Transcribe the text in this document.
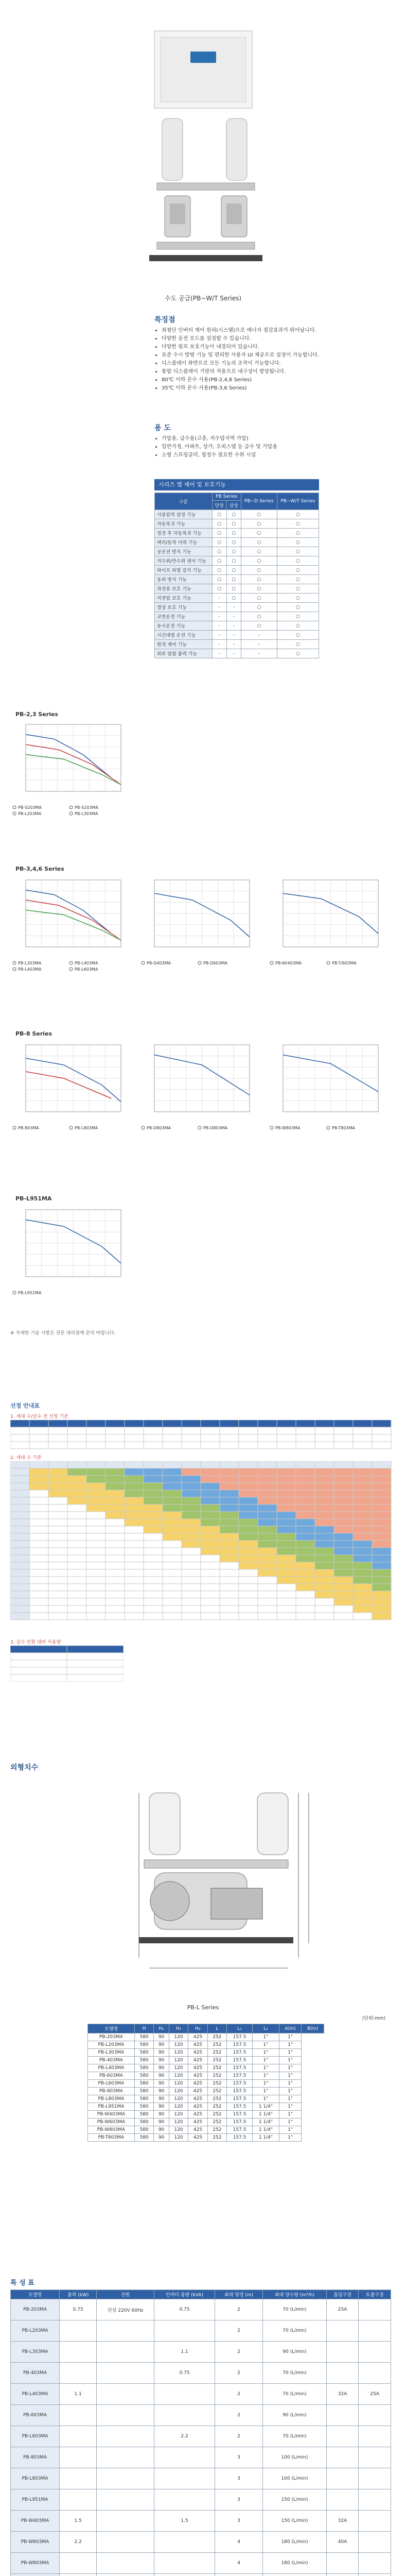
수도 공급(PB~W/T Series)
특징점
• 최첨단 인버터 제어 원리(시스템)으로 에너지 절감효과가 뛰어납니다.
• 다양한 운전 모드를 설정할 수 있습니다.
• 다양한 펌프 보호기능이 내장되어 있습니다.
• 표준 수시 방범 기능 및 편리한 사용자 UI 제공으로 설정이 가능합니다.
• 디스플레이 화면으로 모든 기능의 조작이 가능합니다.
• 통합 디스플레이 기판의 적용으로 내구성이 향상됩니다.
• 80℃ 이하 온수 사용(PB-2,4,8 Series)
• 35℃ 이하 온수 사용(PB-3,6 Series)
용 도
• 가압용, 급수용(고층, 저수압지역 가압)
• 일반가정, 아파트, 상가, 오피스텔 등 급수 및 가압용
• 소형 스프링클러, 청정수 필요한 수위 시설
시리즈 별 제어 및 보호기능
구분	PB Series		PB~D Series	PB~W/T Series
	단상	삼상		
사용압력 설정 기능	○	○	○	○
자동복귀 기능	○	○	○	○
정전 후 자동복귀 기능	○	○	○	○
에러/동작 이력 기능	○	○	○	○
공운전 방지 기능	○	○	○	○
저수위/만수위 센서 기능	○	○	○	○
파이프 파열 감지 기능	○	○	○	○
동파 방지 기능	○	○	○	○
과전류 보호 기능	○	○	○	○
저전압 보호 기능	-	○	○	○
결상 보호 기능	-	-	○	○
교번운전 기능	-	-	○	○
동시운전 기능	-	-	○	○
시간대별 운전 기능	-	-	-	○
원격 제어 기능	-	-	-	○
외부 알람 출력 기능	-	-	-	○
PB-2,3 Series
PB-S203MA	PB-S203MA
PB-L203MA	PB-L303MA
PB-3,4,6 Series
PB-L303MA	PB-L403MA
PB-L403MA	PB-L603MA
PB-D403MA	PB-D603MA	PB-W/403MA	PB-T/603MA
PB-8 Series
PB-803MA	PB-L803MA	PB-D803MA	PB-D803MA	PB-W803MA	PB-T803MA
PB-L951MA
PB-L951MA
※ 자세한 기술 사항은 전문 대리점에 문의 바랍니다.
선정 안내표
1. 세대 수/급수 전 선정 기준
2. 세대 수 기준
3. 급수 인원 대비 사용량
외형치수
PB-L Series
(단위:mm)
모델명	H	H₁	H₂	H₃	L	L₁	L₂	A(in)	B(in)
PB-203MA	580	90	120	425	252	157.5	1"	1"	
PB-L203MA	580	90	120	425	252	157.5	1"	1"	
PB-L303MA	580	90	120	425	252	157.5	1"	1"	
PB-403MA	580	90	120	425	252	157.5	1"	1"	
PB-L403MA	580	90	120	425	252	157.5	1"	1"	
PB-603MA	580	90	120	425	252	157.5	1"	1"	
PB-L603MA	580	90	120	425	252	157.5	1"	1"	
PB-803MA	580	90	120	425	252	157.5	1"	1"	
PB-L803MA	580	90	120	425	252	157.5	1"	1"	
PB-L951MA	580	90	120	425	252	157.5	1 1/4"	1"	
PB-W403MA	580	90	120	425	252	157.5	1 1/4"	1"	
PB-W603MA	580	90	120	425	252	157.5	1 1/4"	1"	
PB-W803MA	580	90	120	425	252	157.5	1 1/4"	1"	
PB-T803MA	580	90	120	425	252	157.5	1 1/4"	1"	
특 성 표
모델명	출력 (kW)	전원	인버터 용량 (kVA)	최대 양정 (m)	최대 양수량 (m³/h)	흡입구경	토출구경
PB-203MA	0.75	단상 220V 60Hz	0.75	2	70 (L/min)	25A	
PB-L203MA				2	70 (L/min)		
PB-L303MA			1.1	2	90 (L/min)		
PB-403MA			0.75	2	70 (L/min)		
PB-L403MA	1.1			2	70 (L/min)	32A	25A
PB-603MA				2	90 (L/min)		
PB-L603MA			2.2	2	70 (L/min)		
PB-803MA				3	100 (L/min)		
PB-L803MA				3	100 (L/min)		
PB-L951MA				3	150 (L/min)		
PB-W403MA	1.5		1.5	3	150 (L/min)	32A	
PB-W603MA	2.2			4	180 (L/min)	40A	
PB-W803MA				4	180 (L/min)		
